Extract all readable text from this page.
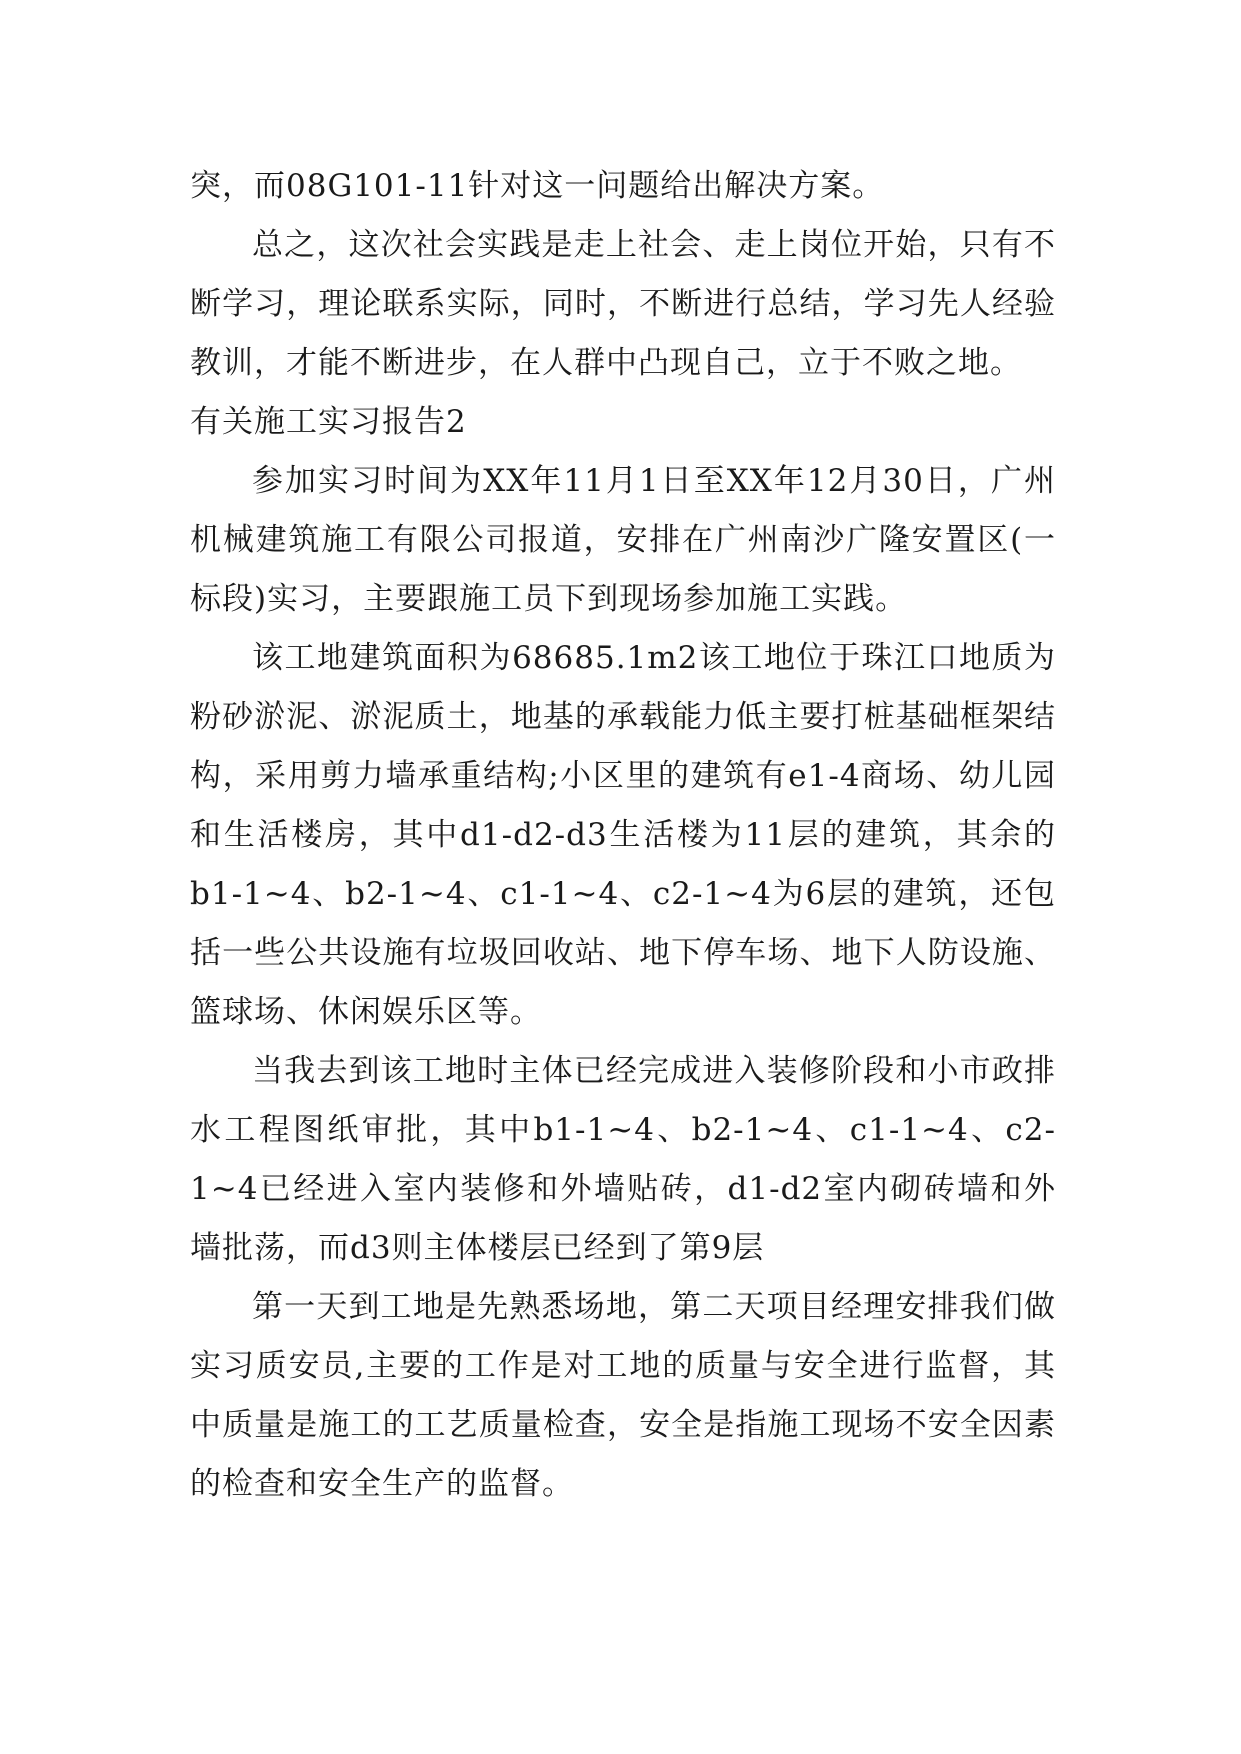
突，而08G101-11针对这一问题给出解决方案。

总之，这次社会实践是走上社会、走上岗位开始，只有不断学习，理论联系实际，同时，不断进行总结，学习先人经验教训，才能不断进步，在人群中凸现自己，立于不败之地。

有关施工实习报告2

参加实习时间为XX年11月1日至XX年12月30日，广州机械建筑施工有限公司报道，安排在广州南沙广隆安置区(一标段)实习，主要跟施工员下到现场参加施工实践。

该工地建筑面积为68685.1m2该工地位于珠江口地质为粉砂淤泥、淤泥质土，地基的承载能力低主要打桩基础框架结构，采用剪力墙承重结构;小区里的建筑有e1-4商场、幼儿园和生活楼房，其中d1-d2-d3生活楼为11层的建筑，其余的b1-1~4、b2-1~4、c1-1~4、c2-1~4为6层的建筑，还包括一些公共设施有垃圾回收站、地下停车场、地下人防设施、篮球场、休闲娱乐区等。

当我去到该工地时主体已经完成进入装修阶段和小市政排水工程图纸审批，其中b1-1~4、b2-1~4、c1-1~4、c2-1~4已经进入室内装修和外墙贴砖，d1-d2室内砌砖墙和外墙批荡，而d3则主体楼层已经到了第9层

第一天到工地是先熟悉场地，第二天项目经理安排我们做实习质安员,主要的工作是对工地的质量与安全进行监督，其中质量是施工的工艺质量检查，安全是指施工现场不安全因素的检查和安全生产的监督。
